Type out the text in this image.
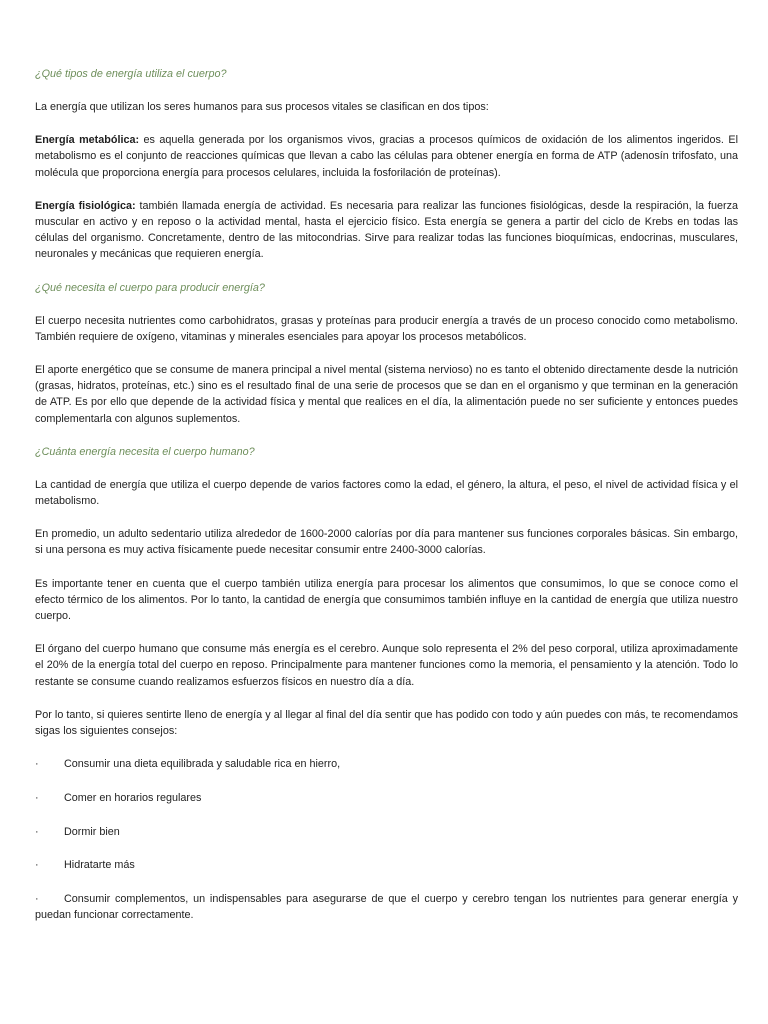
¿Qué tipos de energía utiliza el cuerpo?

La energía que utilizan los seres humanos para sus procesos vitales se clasifican en dos tipos:

Energía metabólica: es aquella generada por los organismos vivos, gracias a procesos químicos de oxidación de los alimentos ingeridos. El metabolismo es el conjunto de reacciones químicas que llevan a cabo las células para obtener energía en forma de ATP (adenosín trifosfato, una molécula que proporciona energía para procesos celulares, incluida la fosforilación de proteínas).

Energía fisiológica: también llamada energía de actividad. Es necesaria para realizar las funciones fisiológicas, desde la respiración, la fuerza muscular en activo y en reposo o la actividad mental, hasta el ejercicio físico. Esta energía se genera a partir del ciclo de Krebs en todas las células del organismo. Concretamente, dentro de las mitocondrias. Sirve para realizar todas las funciones bioquímicas, endocrinas, musculares, neuronales y mecánicas que requieren energía.

¿Qué necesita el cuerpo para producir energía?

El cuerpo necesita nutrientes como carbohidratos, grasas y proteínas para producir energía a través de un proceso conocido como metabolismo. También requiere de oxígeno, vitaminas y minerales esenciales para apoyar los procesos metabólicos.

El aporte energético que se consume de manera principal a nivel mental (sistema nervioso) no es tanto el obtenido directamente desde la nutrición (grasas, hidratos, proteínas, etc.) sino es el resultado final de una serie de procesos que se dan en el organismo y que terminan en la generación de ATP. Es por ello que depende de la actividad física y mental que realices en el día, la alimentación puede no ser suficiente y entonces puedes complementarla con algunos suplementos.

¿Cuánta energía necesita el cuerpo humano?

La cantidad de energía que utiliza el cuerpo depende de varios factores como la edad, el género, la altura, el peso, el nivel de actividad física y el metabolismo.

En promedio, un adulto sedentario utiliza alrededor de 1600-2000 calorías por día para mantener sus funciones corporales básicas. Sin embargo, si una persona es muy activa físicamente puede necesitar consumir entre 2400-3000 calorías.

Es importante tener en cuenta que el cuerpo también utiliza energía para procesar los alimentos que consumimos, lo que se conoce como el efecto térmico de los alimentos. Por lo tanto, la cantidad de energía que consumimos también influye en la cantidad de energía que utiliza nuestro cuerpo.

El órgano del cuerpo humano que consume más energía es el cerebro. Aunque solo representa el 2% del peso corporal, utiliza aproximadamente el 20% de la energía total del cuerpo en reposo. Principalmente para mantener funciones como la memoria, el pensamiento y la atención. Todo lo restante se consume cuando realizamos esfuerzos físicos en nuestro día a día.

Por lo tanto, si quieres sentirte lleno de energía y al llegar al final del día sentir que has podido con todo y aún puedes con más, te recomendamos sigas los siguientes consejos:

· Consumir una dieta equilibrada y saludable rica en hierro,
· Comer en horarios regulares
· Dormir bien
· Hidratarte más
· Consumir complementos, un indispensables para asegurarse de que el cuerpo y cerebro tengan los nutrientes para generar energía y puedan funcionar correctamente.
